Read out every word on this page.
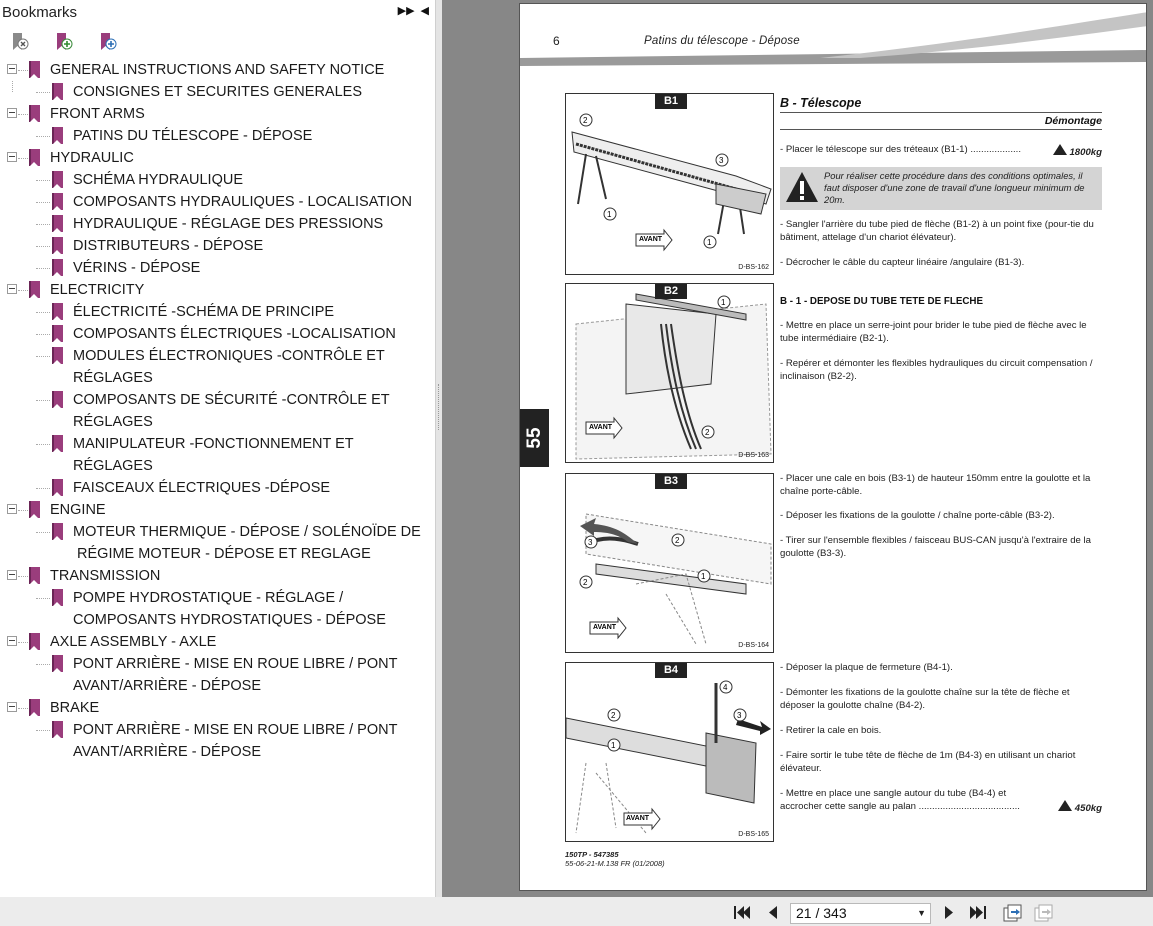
Bookmarks	▶▶ ◀
GENERAL INSTRUCTIONS AND SAFETY NOTICE
CONSIGNES ET SECURITES GENERALES
FRONT ARMS
PATINS DU TÉLESCOPE - DÉPOSE
HYDRAULIC
SCHÉMA HYDRAULIQUE
COMPOSANTS HYDRAULIQUES - LOCALISATION
HYDRAULIQUE - RÉGLAGE DES PRESSIONS
DISTRIBUTEURS - DÉPOSE
VÉRINS - DÉPOSE
ELECTRICITY
ÉLECTRICITÉ -SCHÉMA DE PRINCIPE
COMPOSANTS ÉLECTRIQUES -LOCALISATION
MODULES ÉLECTRONIQUES -CONTRÔLE ET
RÉGLAGES
COMPOSANTS DE SÉCURITÉ -CONTRÔLE ET
RÉGLAGES
MANIPULATEUR -FONCTIONNEMENT ET
RÉGLAGES
FAISCEAUX ÉLECTRIQUES -DÉPOSE
ENGINE
MOTEUR THERMIQUE - DÉPOSE / SOLÉNOÏDE DE
RÉGIME MOTEUR - DÉPOSE ET REGLAGE
TRANSMISSION
POMPE HYDROSTATIQUE - RÉGLAGE /
COMPOSANTS HYDROSTATIQUES - DÉPOSE
AXLE ASSEMBLY - AXLE
PONT ARRIÈRE - MISE EN ROUE LIBRE / PONT
AVANT/ARRIÈRE - DÉPOSE
BRAKE
PONT ARRIÈRE - MISE EN ROUE LIBRE / PONT
AVANT/ARRIÈRE - DÉPOSE
6	Patins du télescope - Dépose
55
2
3
1
1
B1
AVANT
D-BS-162
1
2
B2
AVANT
D-BS-163
3	2
1
2
B3
AVANT
D-BS-164
4
3
2
1
B4
AVANT
D-BS-165
B - Télescope
Démontage
- Placer le télescope sur des tréteaux (B1-1) ...................	1800kg
Pour réaliser cette procédure dans des conditions optimales, il faut disposer d'une zone de travail d'une longueur minimum de 20m.
- Sangler l'arrière du tube pied de flèche (B1-2) à un point fixe (pour-tie du bâtiment, attelage d'un chariot élévateur).
- Décrocher le câble du capteur linéaire /angulaire (B1-3).
B - 1 - DEPOSE DU TUBE TETE DE FLECHE
- Mettre en place un serre-joint pour brider le tube pied de flèche avec le tube intermédiaire (B2-1).
- Repérer et démonter les flexibles hydrauliques du circuit compensation / inclinaison (B2-2).
- Placer une cale en bois (B3-1) de hauteur 150mm entre la goulotte et la chaîne porte-câble.
- Déposer les fixations de la goulotte / chaîne porte-câble (B3-2).
- Tirer sur l'ensemble flexibles / faisceau BUS-CAN jusqu'à l'extraire de la goulotte (B3-3).
- Déposer la plaque de fermeture (B4-1).
- Démonter les fixations de la goulotte chaîne sur la tête de flèche et déposer la goulotte chaîne (B4-2).
- Retirer la cale en bois.
- Faire sortir le tube tête de flèche de 1m (B4-3) en utilisant un chariot élévateur.
- Mettre en place une sangle autour du tube (B4-4) et accrocher cette sangle au palan ......................................	450kg
150TP - 547385
55-06-21-M.138 FR (01/2008)
21 / 343	▼
